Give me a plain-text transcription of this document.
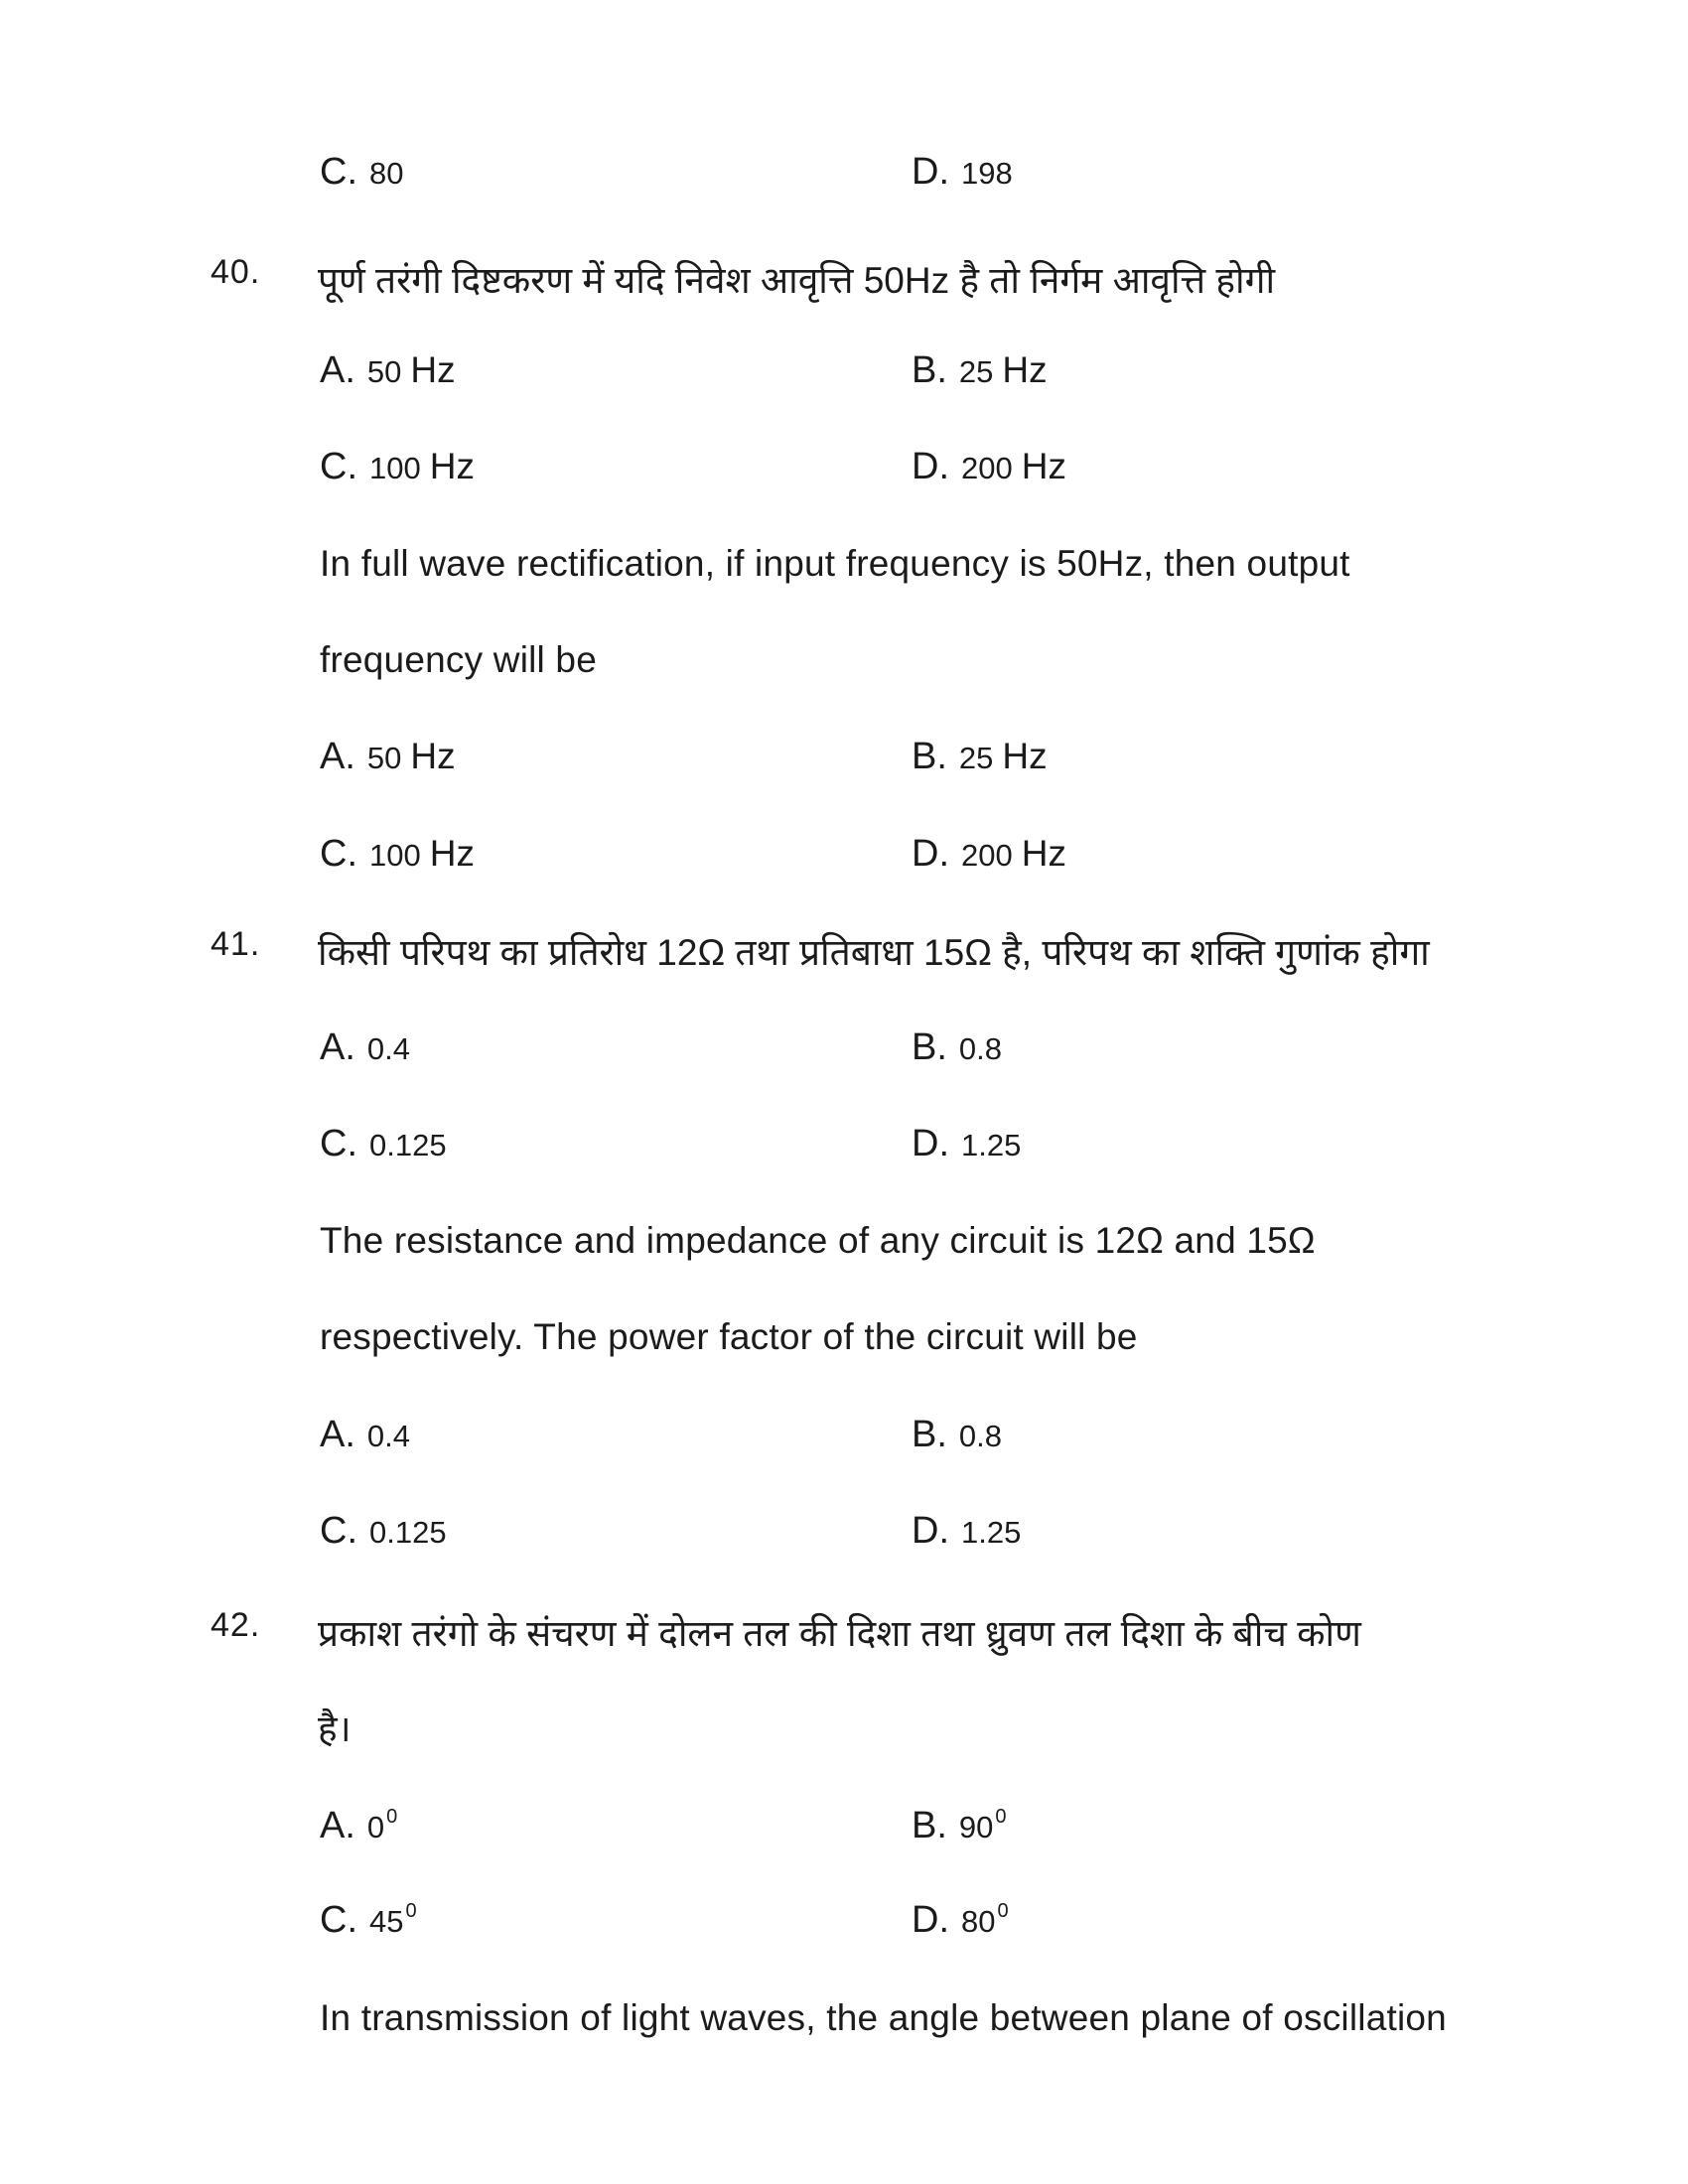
C. 80	D. 198
40. पूर्ण तरंगी दिष्टकरण में यदि निवेश आवृत्ति 50Hz है तो निर्गम आवृत्ति होगी
A. 50 Hz	B. 25 Hz
C. 100 Hz	D. 200 Hz
In full wave rectification, if input frequency is 50Hz, then output
frequency will be
A. 50 Hz	B. 25 Hz
C. 100 Hz	D. 200 Hz
41. किसी परिपथ का प्रतिरोध 12Ω तथा प्रतिबाधा 15Ω है, परिपथ का शक्ति गुणांक होगा
A. 0.4	B. 0.8
C. 0.125	D. 1.25
The resistance and impedance of any circuit is 12Ω and 15Ω
respectively. The power factor of the circuit will be
A. 0.4	B. 0.8
C. 0.125	D. 1.25
42. प्रकाश तरंगो के संचरण में दोलन तल की दिशा तथा ध्रुवण तल दिशा के बीच कोण
है।
A. 0 0	B. 90 0
C. 45 0	D. 80 0
In transmission of light waves, the angle between plane of oscillation
